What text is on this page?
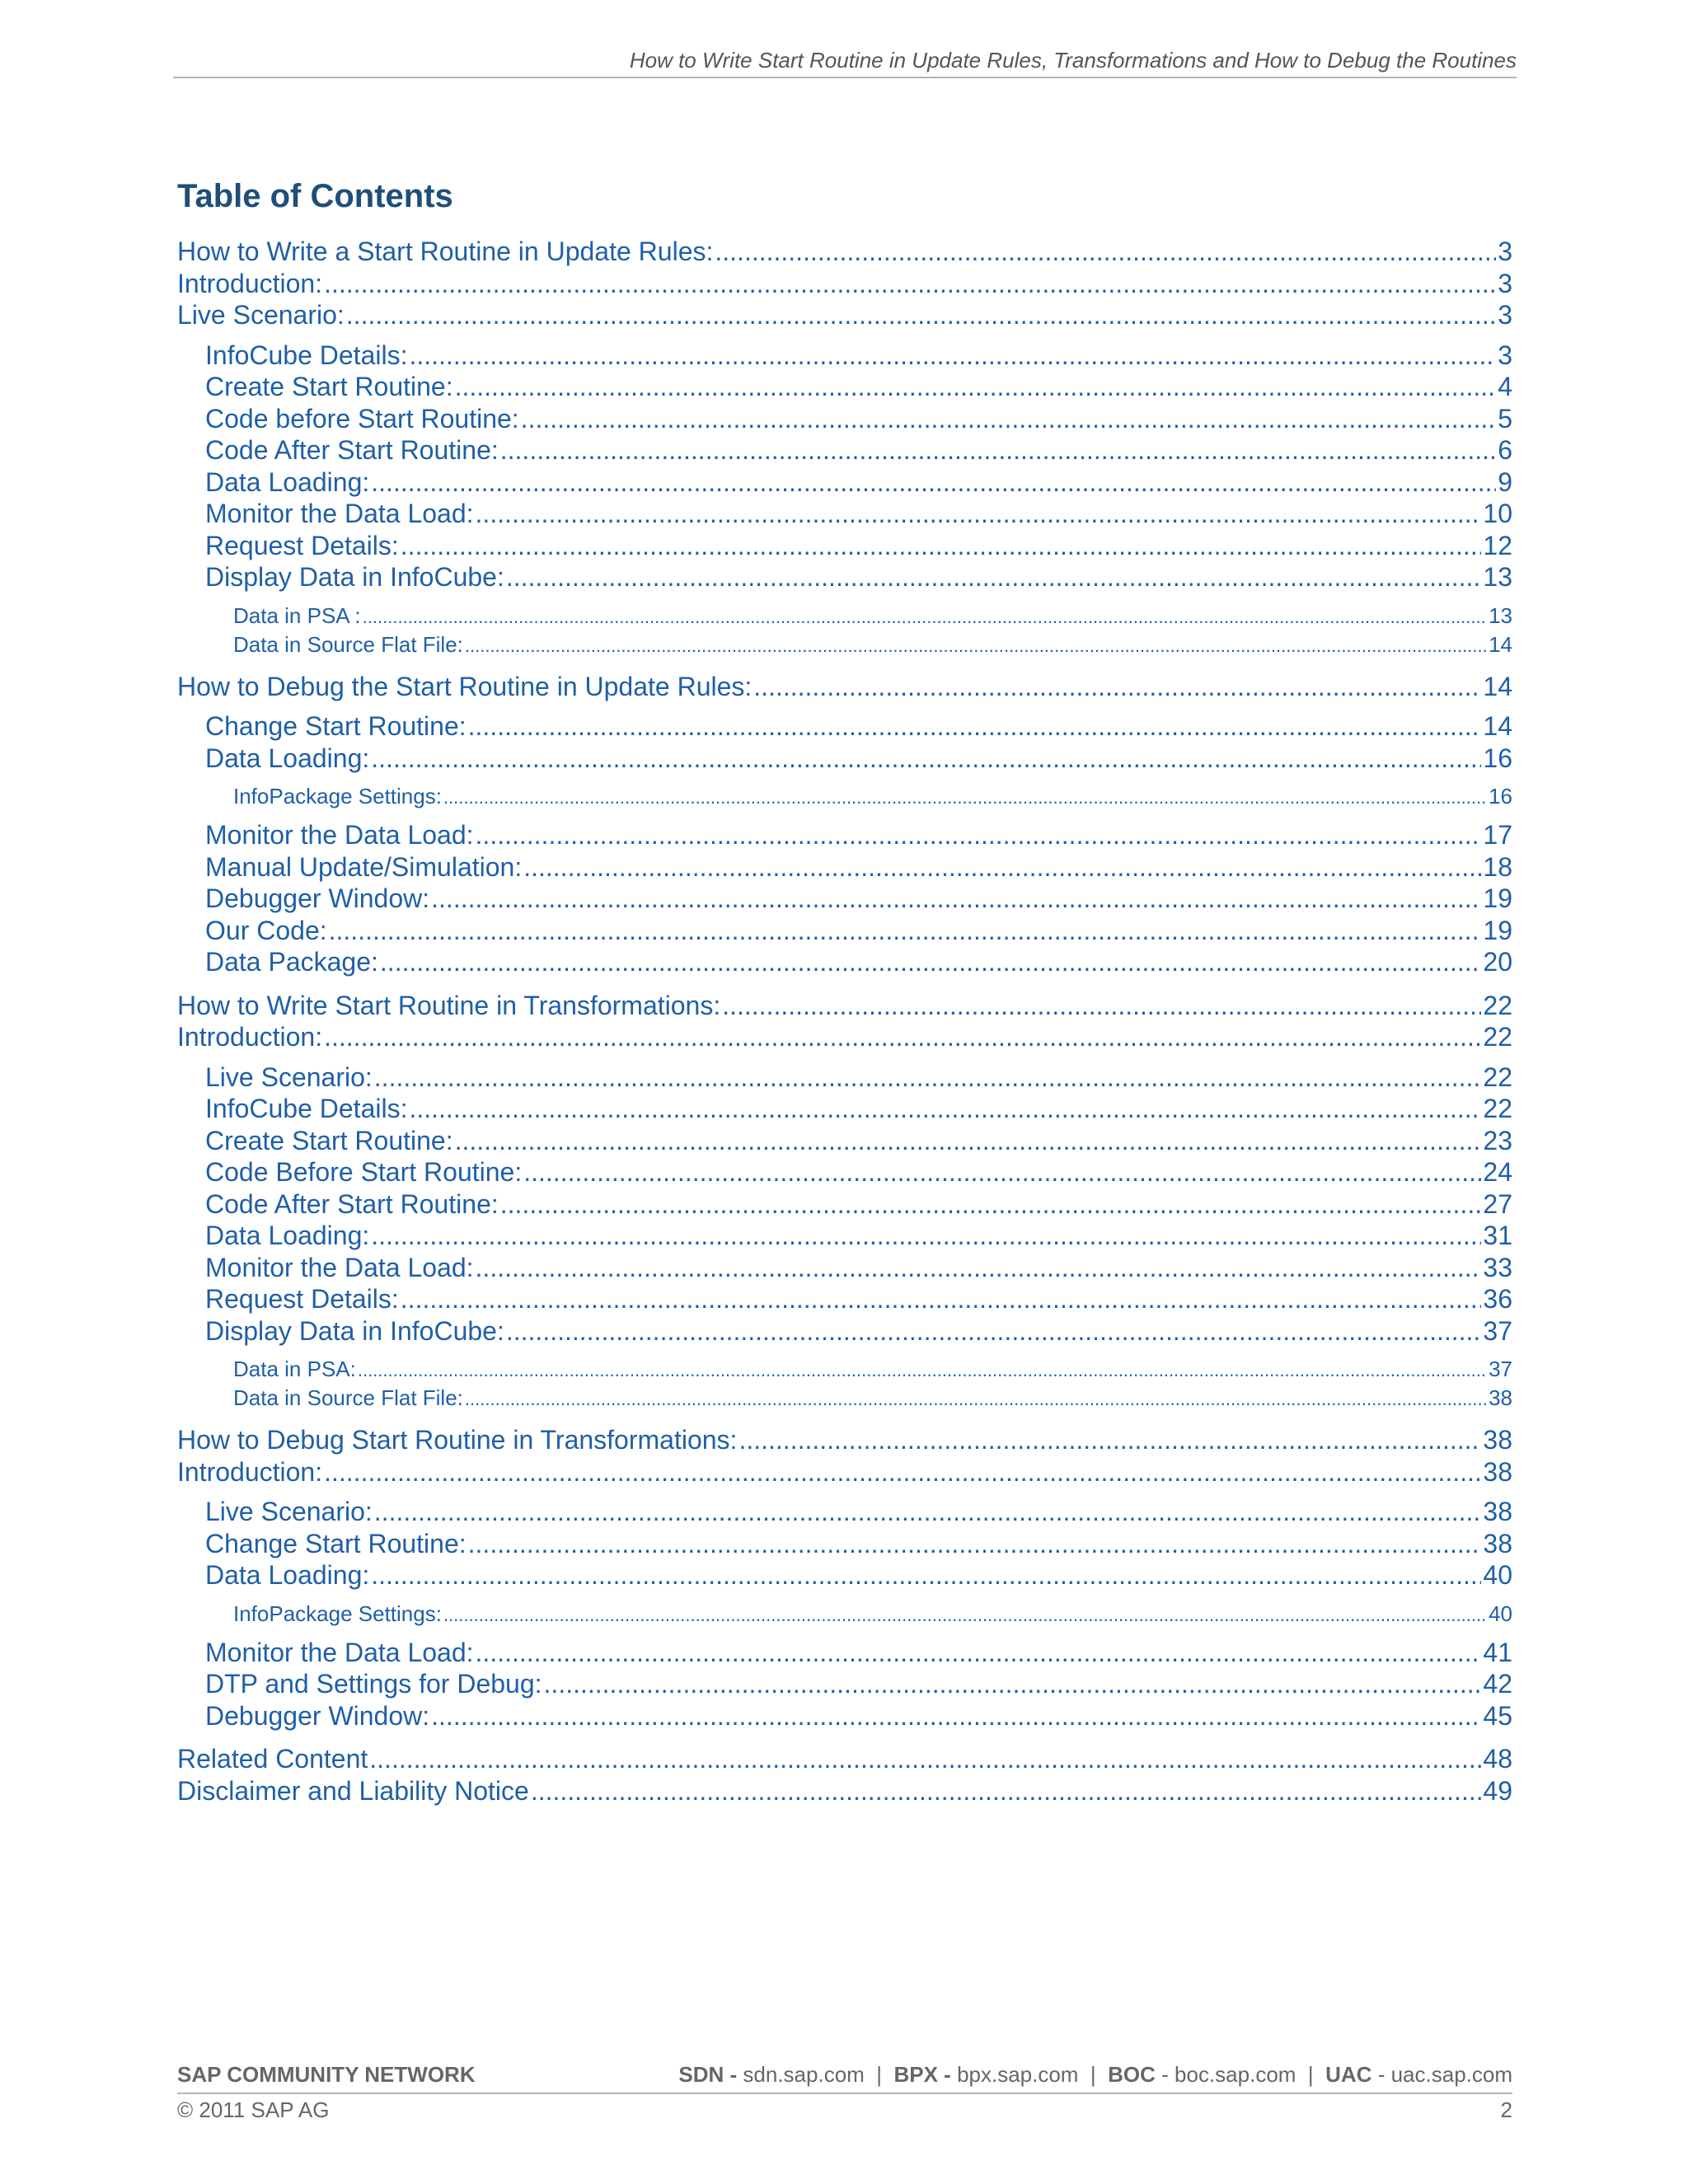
How to Write Start Routine in Update Rules, Transformations and How to Debug the Routines
Table of Contents
How to Write a Start Routine in Update Rules: .....	3
Introduction: .....	3
Live Scenario: .....	3
InfoCube Details: .....	3
Create Start Routine: .....	4
Code before Start Routine: .....	5
Code After Start Routine: .....	6
Data Loading: .....	9
Monitor the Data Load: .....	10
Request Details: .....	12
Display Data in InfoCube: .....	13
Data in PSA : .....	13
Data in Source Flat File: .....	14
How to Debug the Start Routine in Update Rules: .....	14
Change Start Routine: .....	14
Data Loading: .....	16
InfoPackage Settings: .....	16
Monitor the Data Load: .....	17
Manual Update/Simulation: .....	18
Debugger Window: .....	19
Our Code: .....	19
Data Package: .....	20
How to Write Start Routine in Transformations: .....	22
Introduction: .....	22
Live Scenario: .....	22
InfoCube Details: .....	22
Create Start Routine: .....	23
Code Before Start Routine: .....	24
Code After Start Routine: .....	27
Data Loading: .....	31
Monitor the Data Load: .....	33
Request Details: .....	36
Display Data in InfoCube: .....	37
Data in PSA: .....	37
Data in Source Flat File: .....	38
How to Debug Start Routine in Transformations: .....	38
Introduction: .....	38
Live Scenario: .....	38
Change Start Routine: .....	38
Data Loading: .....	40
InfoPackage Settings: .....	40
Monitor the Data Load: .....	41
DTP and Settings for Debug: .....	42
Debugger Window: .....	45
Related Content .....	48
Disclaimer and Liability Notice .....	49
SAP COMMUNITY NETWORK	SDN - sdn.sap.com | BPX - bpx.sap.com | BOC - boc.sap.com | UAC - uac.sap.com
© 2011 SAP AG	2
